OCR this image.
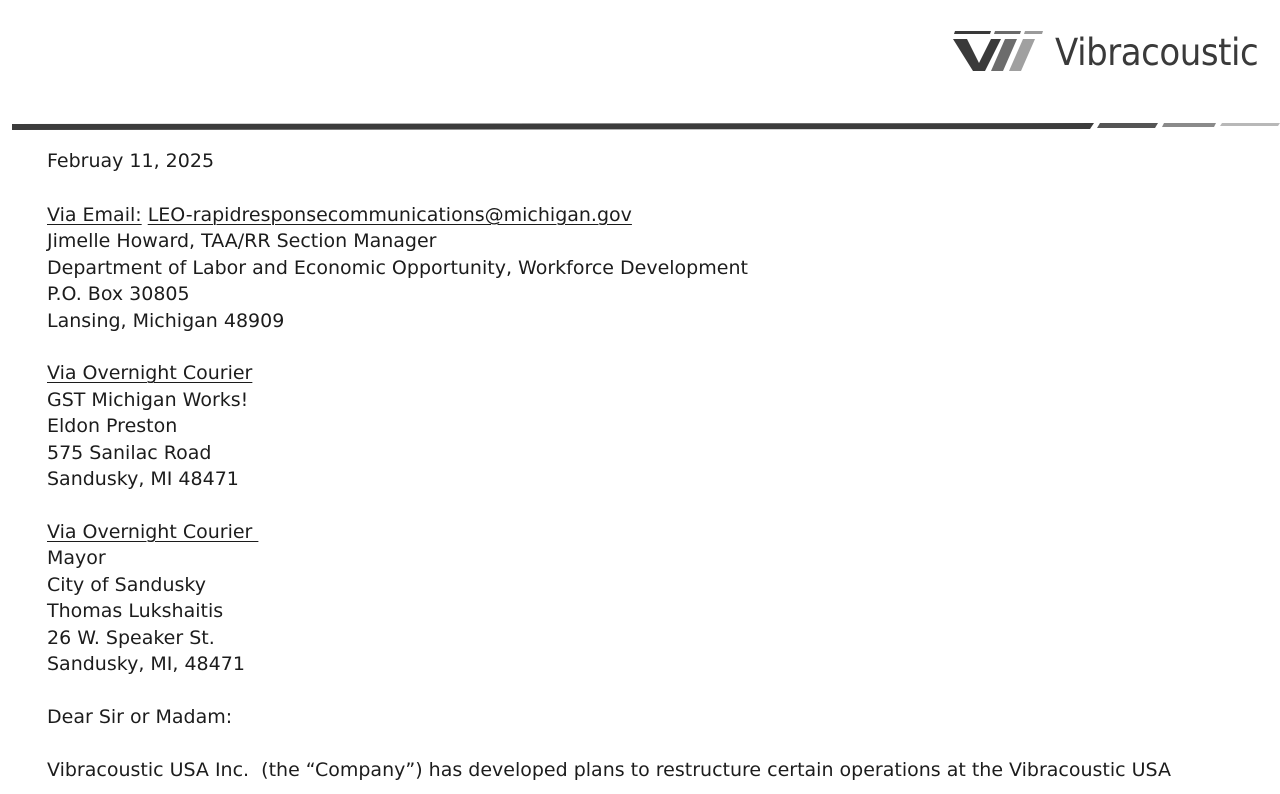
Vibracoustic
Februay 11, 2025
Via Email: LEO-rapidresponsecommunications@michigan.gov
Jimelle Howard, TAA/RR Section Manager
Department of Labor and Economic Opportunity, Workforce Development
P.O. Box 30805
Lansing, Michigan 48909
Via Overnight Courier
GST Michigan Works!
Eldon Preston
575 Sanilac Road
Sandusky, MI 48471
Via Overnight Courier
Mayor
City of Sandusky
Thomas Lukshaitis
26 W. Speaker St.
Sandusky, MI, 48471
Dear Sir or Madam:
Vibracoustic USA Inc.  (the “Company”) has developed plans to restructure certain operations at the Vibracoustic USA
